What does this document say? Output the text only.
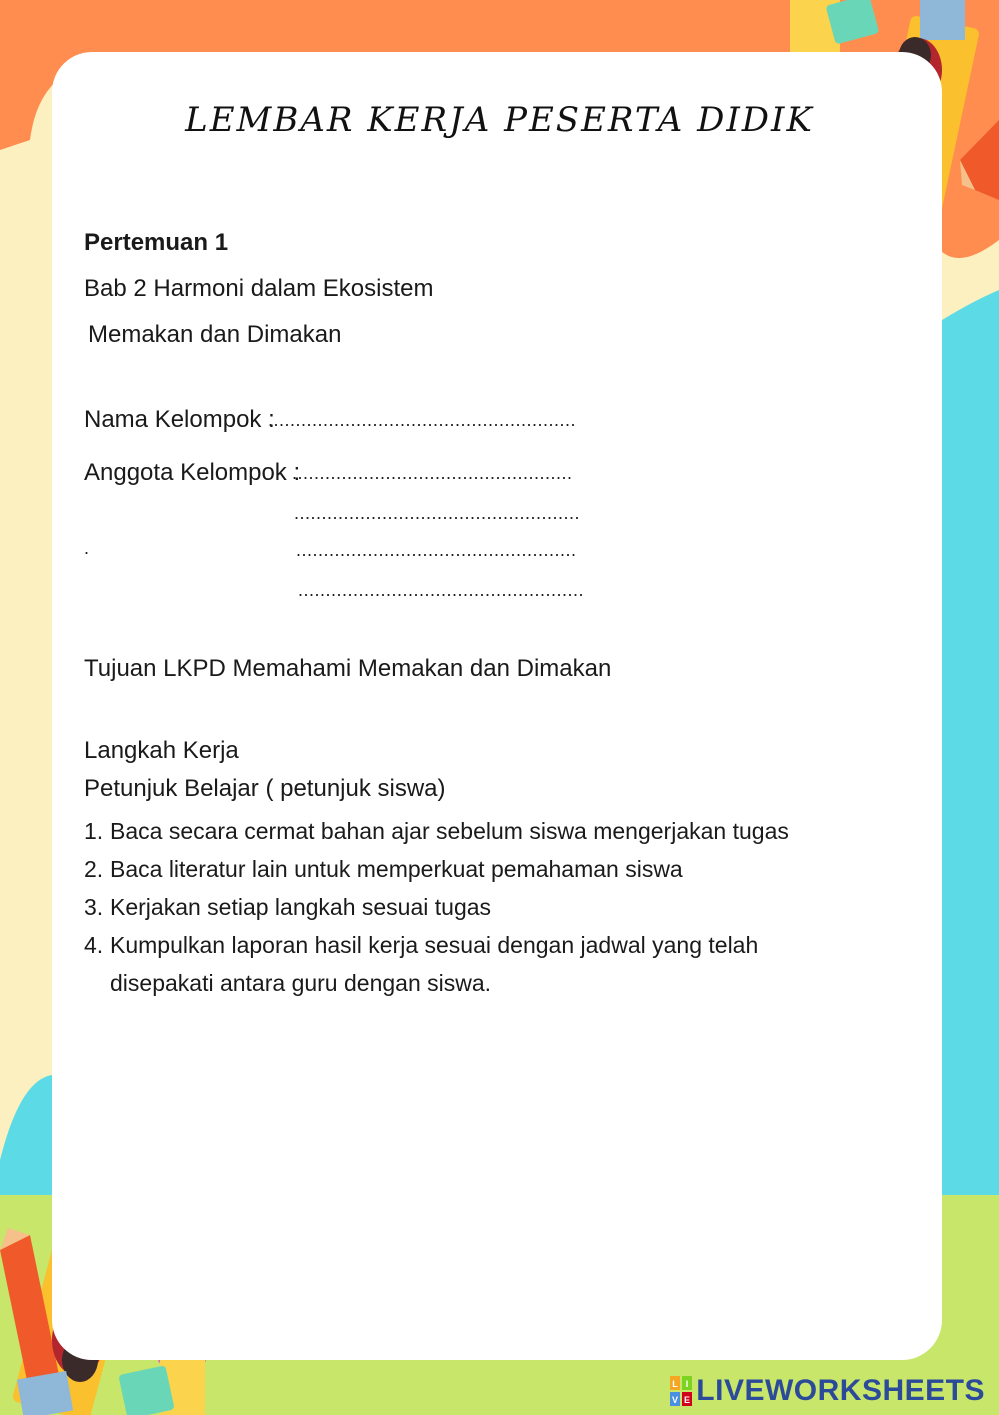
LEMBAR KERJA PESERTA DIDIK
Pertemuan 1
Bab 2 Harmoni dalam Ekosistem
Memakan dan Dimakan
Nama Kelompok :
........................................................
Anggota Kelompok :
...................................................
....................................................
.	...................................................
....................................................
Tujuan LKPD Memahami Memakan dan Dimakan
Langkah Kerja
Petunjuk Belajar ( petunjuk siswa)
1. Baca secara cermat bahan ajar sebelum siswa mengerjakan tugas
2. Baca literatur lain untuk memperkuat pemahaman siswa
3. Kerjakan setiap langkah sesuai tugas
4. Kumpulkan laporan hasil kerja sesuai dengan jadwal yang telah disepakati antara guru dengan siswa.
L I
V E LIVEWORKSHEETS
